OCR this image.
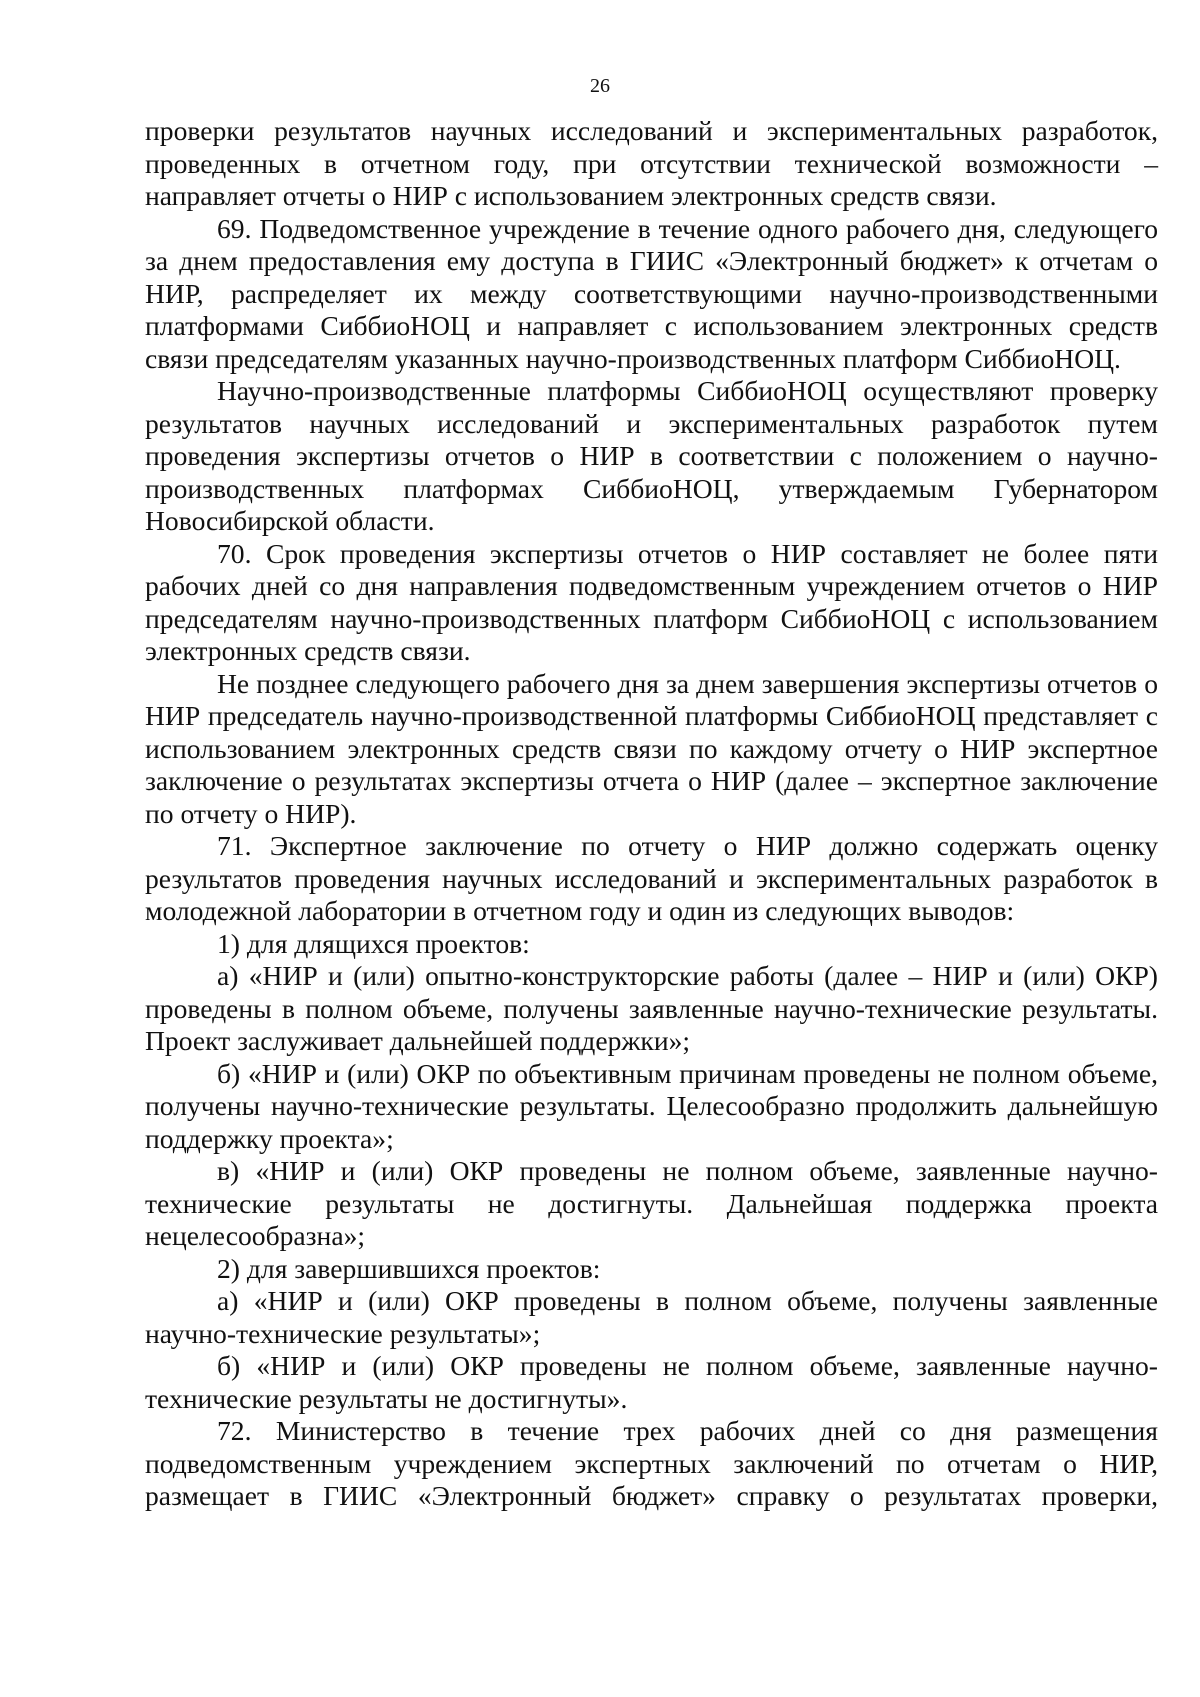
26

проверки результатов научных исследований и экспериментальных разработок, проведенных в отчетном году, при отсутствии технической возможности – направляет отчеты о НИР с использованием электронных средств связи.

69. Подведомственное учреждение в течение одного рабочего дня, следующего за днем предоставления ему доступа в ГИИС «Электронный бюджет» к отчетам о НИР, распределяет их между соответствующими научно-производственными платформами СиббиоНОЦ и направляет с использованием электронных средств связи председателям указанных научно-производственных платформ СиббиоНОЦ.

Научно-производственные платформы СиббиоНОЦ осуществляют проверку результатов научных исследований и экспериментальных разработок путем проведения экспертизы отчетов о НИР в соответствии с положением о научно-производственных платформах СиббиоНОЦ, утверждаемым Губернатором Новосибирской области.

70. Срок проведения экспертизы отчетов о НИР составляет не более пяти рабочих дней со дня направления подведомственным учреждением отчетов о НИР председателям научно-производственных платформ СиббиоНОЦ с использованием электронных средств связи.

Не позднее следующего рабочего дня за днем завершения экспертизы отчетов о НИР председатель научно-производственной платформы СиббиоНОЦ представляет с использованием электронных средств связи по каждому отчету о НИР экспертное заключение о результатах экспертизы отчета о НИР (далее – экспертное заключение по отчету о НИР).

71. Экспертное заключение по отчету о НИР должно содержать оценку результатов проведения научных исследований и экспериментальных разработок в молодежной лаборатории в отчетном году и один из следующих выводов:

1) для длящихся проектов:

а) «НИР и (или) опытно-конструкторские работы (далее – НИР и (или) ОКР) проведены в полном объеме, получены заявленные научно-технические результаты. Проект заслуживает дальнейшей поддержки»;

б) «НИР и (или) ОКР по объективным причинам проведены не полном объеме, получены научно-технические результаты. Целесообразно продолжить дальнейшую поддержку проекта»;

в) «НИР и (или) ОКР проведены не полном объеме, заявленные научно-технические результаты не достигнуты. Дальнейшая поддержка проекта нецелесообразна»;

2) для завершившихся проектов:

а) «НИР и (или) ОКР проведены в полном объеме, получены заявленные научно-технические результаты»;

б) «НИР и (или) ОКР проведены не полном объеме, заявленные научно-технические результаты не достигнуты».

72. Министерство в течение трех рабочих дней со дня размещения подведомственным учреждением экспертных заключений по отчетам о НИР, размещает в ГИИС «Электронный бюджет» справку о результатах проверки,
